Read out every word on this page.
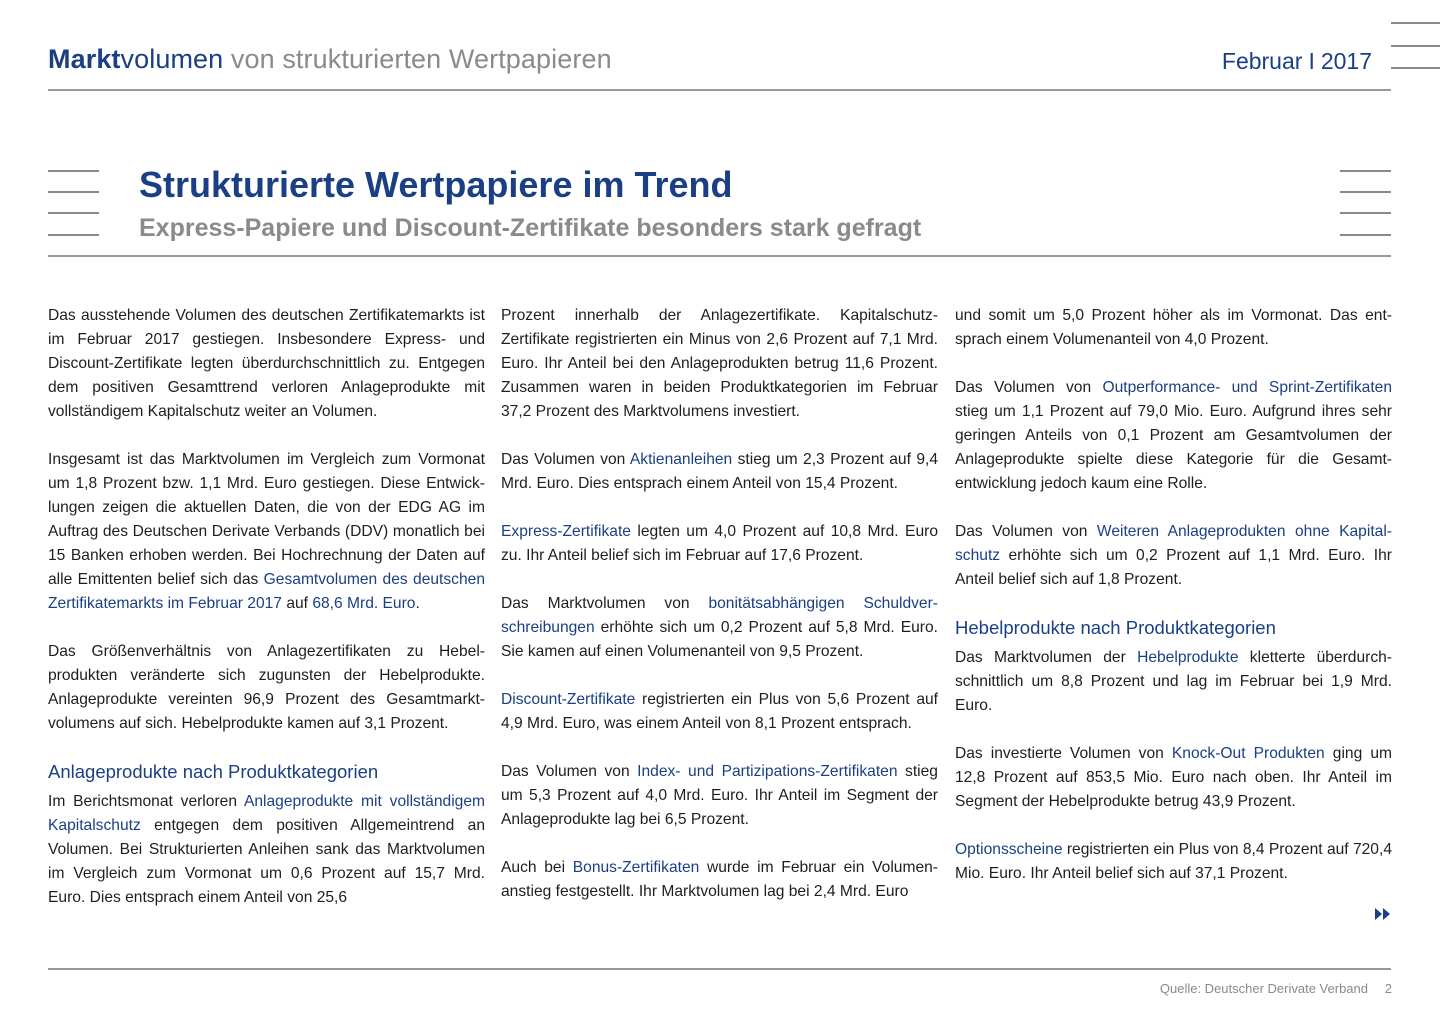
Marktvolumen von strukturierten Wertpapieren	Februar I 2017
Strukturierte Wertpapiere im Trend
Express-Papiere und Discount-Zertifikate besonders stark gefragt

Das ausstehende Volumen des deutschen Zertifikatemarkts ist im Februar 2017 gestiegen. Insbesondere Express- und Discount-Zertifikate legten überdurchschnittlich zu. Entgegen dem positiven Gesamttrend verloren Anlageprodukte mit vollständigem Kapitalschutz weiter an Volumen.

Insgesamt ist das Marktvolumen im Vergleich zum Vormonat um 1,8 Prozent bzw. 1,1 Mrd. Euro gestiegen. Diese Entwicklungen zeigen die aktuellen Daten, die von der EDG AG im Auftrag des Deutschen Derivate Verbands (DDV) monatlich bei 15 Banken erhoben werden. Bei Hochrechnung der Daten auf alle Emittenten belief sich das Gesamtvolumen des deutschen Zertifikatemarkts im Februar 2017 auf 68,6 Mrd. Euro.

Das Größenverhältnis von Anlagezertifikaten zu Hebelprodukten veränderte sich zugunsten der Hebelprodukte. Anlageprodukte vereinten 96,9 Prozent des Gesamtmarktvolumens auf sich. Hebelprodukte kamen auf 3,1 Prozent.

Anlageprodukte nach Produktkategorien

Im Berichtsmonat verloren Anlageprodukte mit vollständigem Kapitalschutz entgegen dem positiven Allgemeintrend an Volumen. Bei Strukturierten Anleihen sank das Marktvolumen im Vergleich zum Vormonat um 0,6 Prozent auf 15,7 Mrd. Euro. Dies entsprach einem Anteil von 25,6

Prozent innerhalb der Anlagezertifikate. Kapitalschutz-Zertifikate registrierten ein Minus von 2,6 Prozent auf 7,1 Mrd. Euro. Ihr Anteil bei den Anlageprodukten betrug 11,6 Prozent. Zusammen waren in beiden Produktkategorien im Februar 37,2 Prozent des Marktvolumens investiert.

Das Volumen von Aktienanleihen stieg um 2,3 Prozent auf 9,4 Mrd. Euro. Dies entsprach einem Anteil von 15,4 Prozent.

Express-Zertifikate legten um 4,0 Prozent auf 10,8 Mrd. Euro zu. Ihr Anteil belief sich im Februar auf 17,6 Prozent.

Das Marktvolumen von bonitätsabhängigen Schuldverschreibungen erhöhte sich um 0,2 Prozent auf 5,8 Mrd. Euro. Sie kamen auf einen Volumenanteil von 9,5 Prozent.

Discount-Zertifikate registrierten ein Plus von 5,6 Prozent auf 4,9 Mrd. Euro, was einem Anteil von 8,1 Prozent entsprach.

Das Volumen von Index- und Partizipations-Zertifikaten stieg um 5,3 Prozent auf 4,0 Mrd. Euro. Ihr Anteil im Segment der Anlageprodukte lag bei 6,5 Prozent.

Auch bei Bonus-Zertifikaten wurde im Februar ein Volumenanstieg festgestellt. Ihr Marktvolumen lag bei 2,4 Mrd. Euro

und somit um 5,0 Prozent höher als im Vormonat. Das entsprach einem Volumenanteil von 4,0 Prozent.

Das Volumen von Outperformance- und Sprint-Zertifikaten stieg um 1,1 Prozent auf 79,0 Mio. Euro. Aufgrund ihres sehr geringen Anteils von 0,1 Prozent am Gesamtvolumen der Anlageprodukte spielte diese Kategorie für die Gesamtentwicklung jedoch kaum eine Rolle.

Das Volumen von Weiteren Anlageprodukten ohne Kapitalschutz erhöhte sich um 0,2 Prozent auf 1,1 Mrd. Euro. Ihr Anteil belief sich auf 1,8 Prozent.

Hebelprodukte nach Produktkategorien

Das Marktvolumen der Hebelprodukte kletterte überdurchschnittlich um 8,8 Prozent und lag im Februar bei 1,9 Mrd. Euro.

Das investierte Volumen von Knock-Out Produkten ging um 12,8 Prozent auf 853,5 Mio. Euro nach oben. Ihr Anteil im Segment der Hebelprodukte betrug 43,9 Prozent.

Optionsscheine registrierten ein Plus von 8,4 Prozent auf 720,4 Mio. Euro. Ihr Anteil belief sich auf 37,1 Prozent.

Quelle: Deutscher Derivate Verband 2
